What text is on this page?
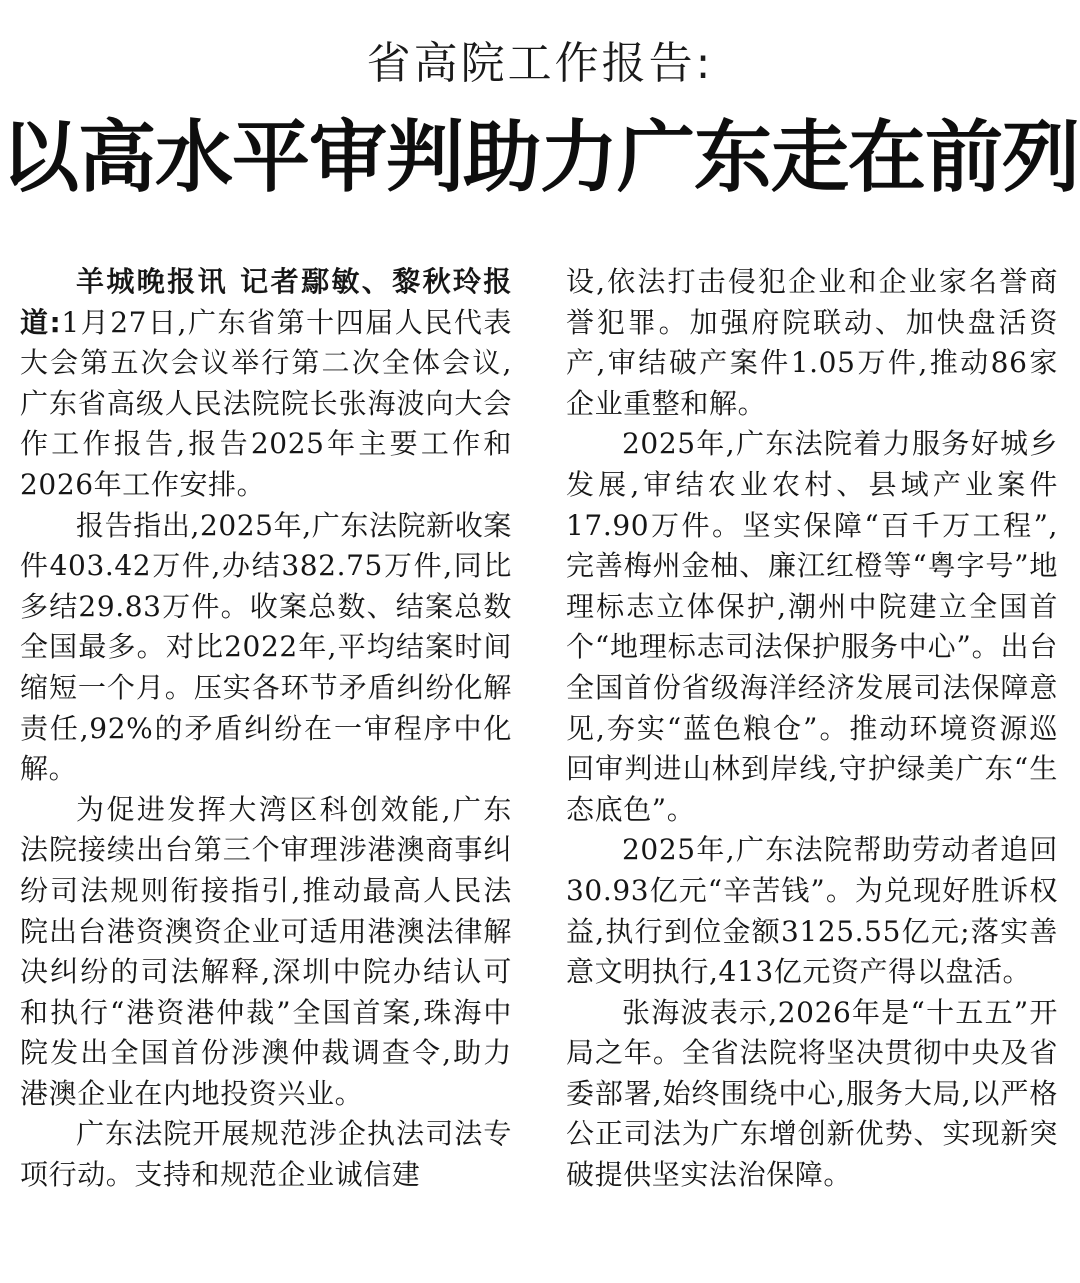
省高院工作报告:
以高水平审判助力广东走在前列

羊城晚报讯 记者鄢敏、黎秋玲报道:1月27日,广东省第十四届人民代表大会第五次会议举行第二次全体会议,广东省高级人民法院院长张海波向大会作工作报告,报告2025年主要工作和2026年工作安排。

报告指出,2025年,广东法院新收案件403.42万件,办结382.75万件,同比多结29.83万件。收案总数、结案总数全国最多。对比2022年,平均结案时间缩短一个月。压实各环节矛盾纠纷化解责任,92%的矛盾纠纷在一审程序中化解。

为促进发挥大湾区科创效能,广东法院接续出台第三个审理涉港澳商事纠纷司法规则衔接指引,推动最高人民法院出台港资澳资企业可适用港澳法律解决纠纷的司法解释,深圳中院办结认可和执行“港资港仲裁”全国首案,珠海中院发出全国首份涉澳仲裁调查令,助力港澳企业在内地投资兴业。

广东法院开展规范涉企执法司法专项行动。支持和规范企业诚信建

设,依法打击侵犯企业和企业家名誉商誉犯罪。加强府院联动、加快盘活资产,审结破产案件1.05万件,推动86家企业重整和解。

2025年,广东法院着力服务好城乡发展,审结农业农村、县域产业案件17.90万件。坚实保障“百千万工程”,完善梅州金柚、廉江红橙等“粤字号”地理标志立体保护,潮州中院建立全国首个“地理标志司法保护服务中心”。出台全国首份省级海洋经济发展司法保障意见,夯实“蓝色粮仓”。推动环境资源巡回审判进山林到岸线,守护绿美广东“生态底色”。

2025年,广东法院帮助劳动者追回30.93亿元“辛苦钱”。为兑现好胜诉权益,执行到位金额3125.55亿元;落实善意文明执行,413亿元资产得以盘活。

张海波表示,2026年是“十五五”开局之年。全省法院将坚决贯彻中央及省委部署,始终围绕中心,服务大局,以严格公正司法为广东增创新优势、实现新突破提供坚实法治保障。
